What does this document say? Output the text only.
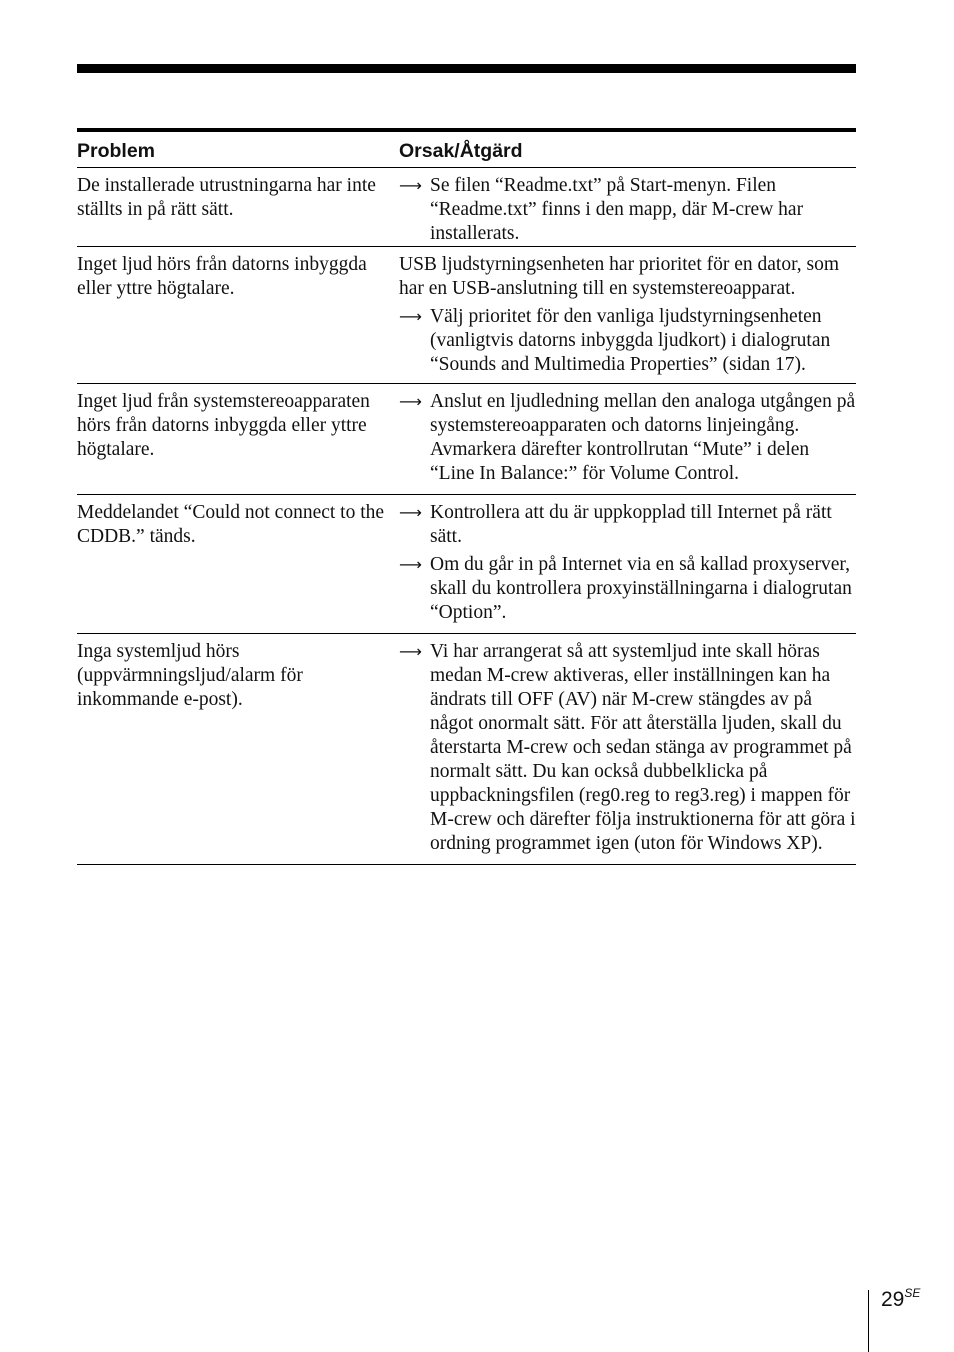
Problem	Orsak/Åtgärd
De installerade utrustningarna har inte ställts in på rätt sätt.
⟶ Se filen “Readme.txt” på Start-menyn. Filen “Readme.txt” finns i den mapp, där M-crew har installerats.
Inget ljud hörs från datorns inbyggda eller yttre högtalare.
USB ljudstyrningsenheten har prioritet för en dator, som har en USB-anslutning till en systemstereoapparat.
⟶ Välj prioritet för den vanliga ljudstyrningsenheten (vanligtvis datorns inbyggda ljudkort) i dialogrutan “Sounds and Multimedia Properties” (sidan 17).
Inget ljud från systemstereoapparaten hörs från datorns inbyggda eller yttre högtalare.
⟶ Anslut en ljudledning mellan den analoga utgången på systemstereoapparaten och datorns linjeingång. Avmarkera därefter kontrollrutan “Mute” i delen “Line In Balance:” för Volume Control.
Meddelandet “Could not connect to the CDDB.” tänds.
⟶ Kontrollera att du är uppkopplad till Internet på rätt sätt.
⟶ Om du går in på Internet via en så kallad proxyserver, skall du kontrollera proxyinställningarna i dialogrutan “Option”.
Inga systemljud hörs (uppvärmningsljud/alarm för inkommande e-post).
⟶ Vi har arrangerat så att systemljud inte skall höras medan M-crew aktiveras, eller inställningen kan ha ändrats till OFF (AV) när M-crew stängdes av på något onormalt sätt. För att återställa ljuden, skall du återstarta M-crew och sedan stänga av programmet på normalt sätt. Du kan också dubbelklicka på uppbackningsfilen (reg0.reg to reg3.reg) i mappen för M-crew och därefter följa instruktionerna för att göra i ordning programmet igen (uton för Windows XP).
$29^{SE}$
